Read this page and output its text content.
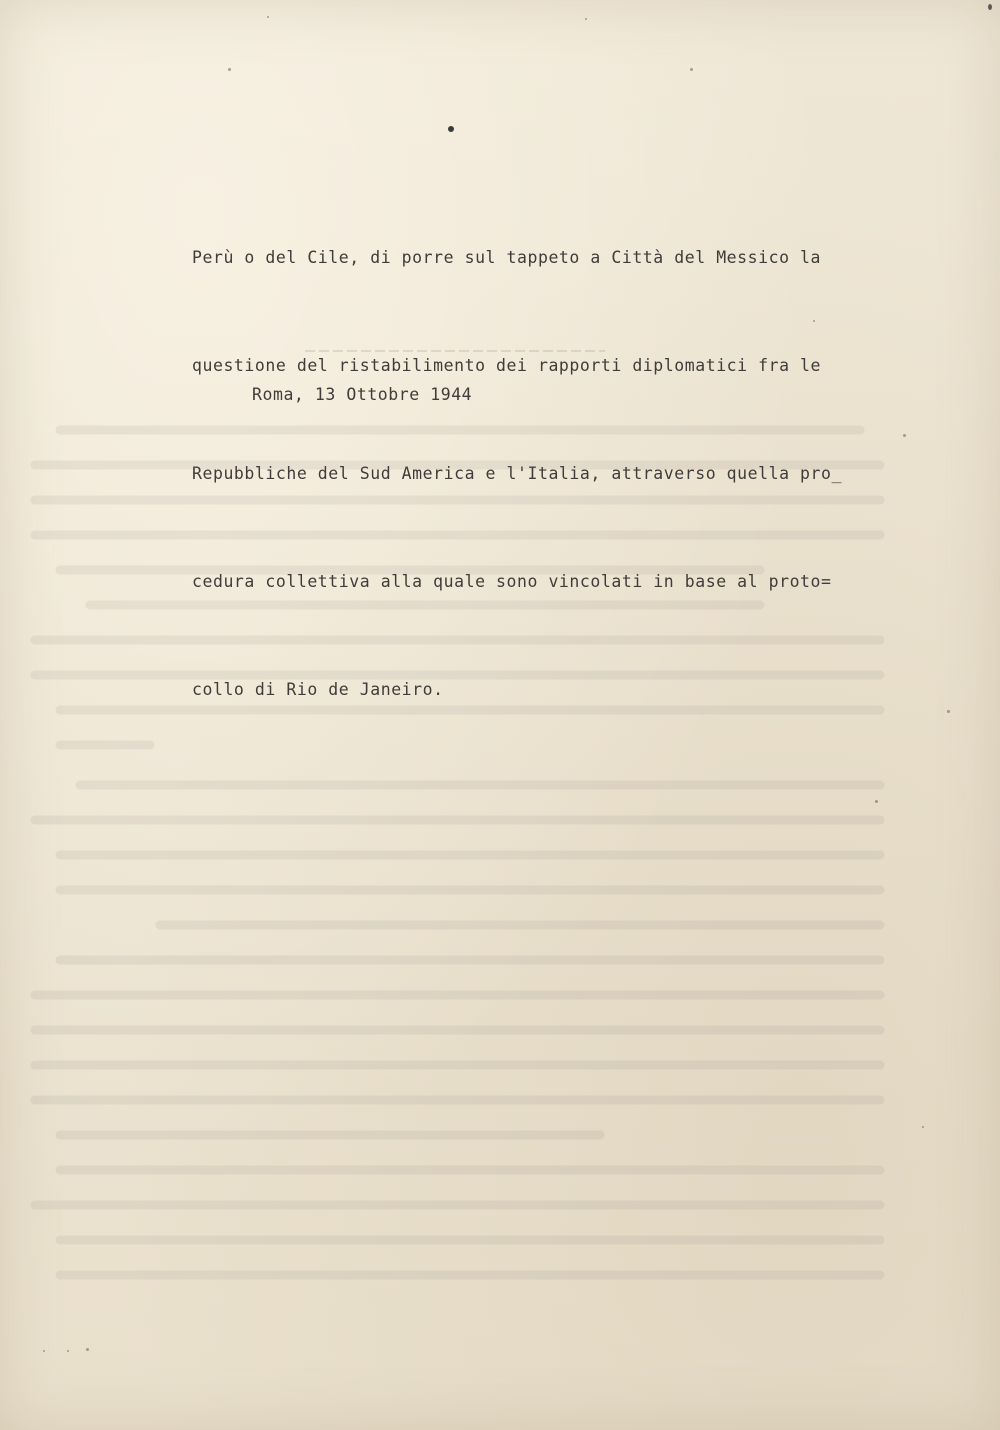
Perù o del Cile, di porre sul tappeto a Città del Messico la

questione del ristabilimento dei rapporti diplomatici fra le

Repubbliche del Sud America e l'Italia, attraverso quella pro_

cedura collettiva alla quale sono vincolati in base al proto=

collo di Rio de Janeiro.

Roma, 13 Ottobre 1944
